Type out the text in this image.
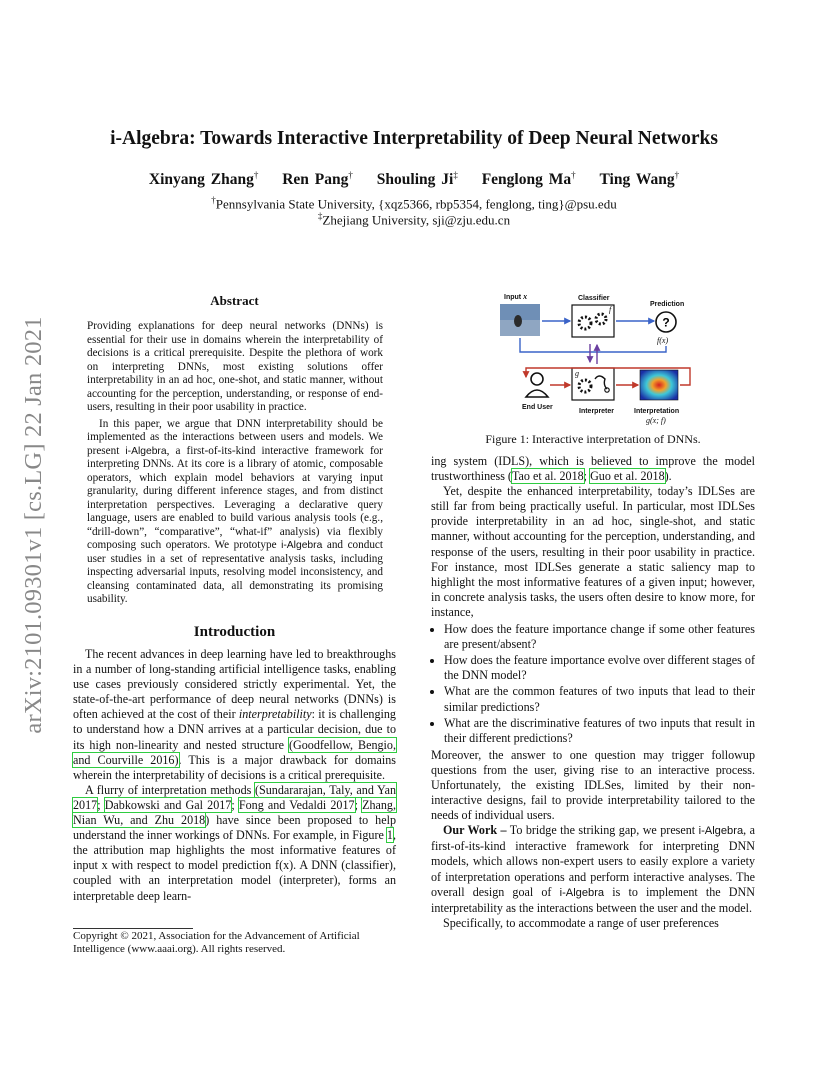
arXiv:2101.09301v1 [cs.LG] 22 Jan 2021
i-Algebra: Towards Interactive Interpretability of Deep Neural Networks
Xinyang Zhang† Ren Pang† Shouling Ji‡ Fenglong Ma† Ting Wang†
†Pennsylvania State University, {xqz5366, rbp5354, fenglong, ting}@psu.edu
‡Zhejiang University, sji@zju.edu.cn
Abstract

Providing explanations for deep neural networks (DNNs) is essential for their use in domains wherein the interpretability of decisions is a critical prerequisite. Despite the plethora of work on interpreting DNNs, most existing solutions offer interpretability in an ad hoc, one-shot, and static manner, without accounting for the perception, understanding, or response of end-users, resulting in their poor usability in practice.

In this paper, we argue that DNN interpretability should be implemented as the interactions between users and models. We present i-Algebra, a first-of-its-kind interactive framework for interpreting DNNs. At its core is a library of atomic, composable operators, which explain model behaviors at varying input granularity, during different inference stages, and from distinct interpretation perspectives. Leveraging a declarative query language, users are enabled to build various analysis tools (e.g., “drill-down”, “comparative”, “what-if” analysis) via flexibly composing such operators. We prototype i-Algebra and conduct user studies in a set of representative analysis tasks, including inspecting adversarial inputs, resolving model inconsistency, and cleansing contaminated data, all demonstrating its promising usability.

Introduction

The recent advances in deep learning have led to breakthroughs in a number of long-standing artificial intelligence tasks, enabling use cases previously considered strictly experimental. Yet, the state-of-the-art performance of deep neural networks (DNNs) is often achieved at the cost of their interpretability: it is challenging to understand how a DNN arrives at a particular decision, due to its high non-linearity and nested structure (Goodfellow, Bengio, and Courville 2016). This is a major drawback for domains wherein the interpretability of decisions is a critical prerequisite.

A flurry of interpretation methods (Sundararajan, Taly, and Yan 2017; Dabkowski and Gal 2017; Fong and Vedaldi 2017; Zhang, Nian Wu, and Zhu 2018) have since been proposed to help understand the inner workings of DNNs. For example, in Figure 1, the attribution map highlights the most informative features of input x with respect to model prediction f(x). A DNN (classifier), coupled with an interpretation model (interpreter), forms an interpretable deep learn-

Copyright © 2021, Association for the Advancement of Artificial Intelligence (www.aaai.org). All rights reserved.
Input x	Classifier
Prediction
f
?
f(x)
End User
g
Interpreter	Interpretation
g(x; f)
Figure 1: Interactive interpretation of DNNs.

ing system (IDLS), which is believed to improve the model trustworthiness (Tao et al. 2018; Guo et al. 2018).

Yet, despite the enhanced interpretability, today’s IDLSes are still far from being practically useful. In particular, most IDLSes provide interpretability in an ad hoc, single-shot, and static manner, without accounting for the perception, understanding, and response of the users, resulting in their poor usability in practice. For instance, most IDLSes generate a static saliency map to highlight the most informative features of a given input; however, in concrete analysis tasks, the users often desire to know more, for instance,

• How does the feature importance change if some other features are present/absent?
• How does the feature importance evolve over different stages of the DNN model?
• What are the common features of two inputs that lead to their similar predictions?
• What are the discriminative features of two inputs that result in their different predictions?

Moreover, the answer to one question may trigger followup questions from the user, giving rise to an interactive process. Unfortunately, the existing IDLSes, limited by their non-interactive designs, fail to provide interpretability tailored to the needs of individual users.

Our Work – To bridge the striking gap, we present i-Algebra, a first-of-its-kind interactive framework for interpreting DNN models, which allows non-expert users to easily explore a variety of interpretation operations and perform interactive analyses. The overall design goal of i-Algebra is to implement the DNN interpretability as the interactions between the user and the model.

Specifically, to accommodate a range of user preferences
